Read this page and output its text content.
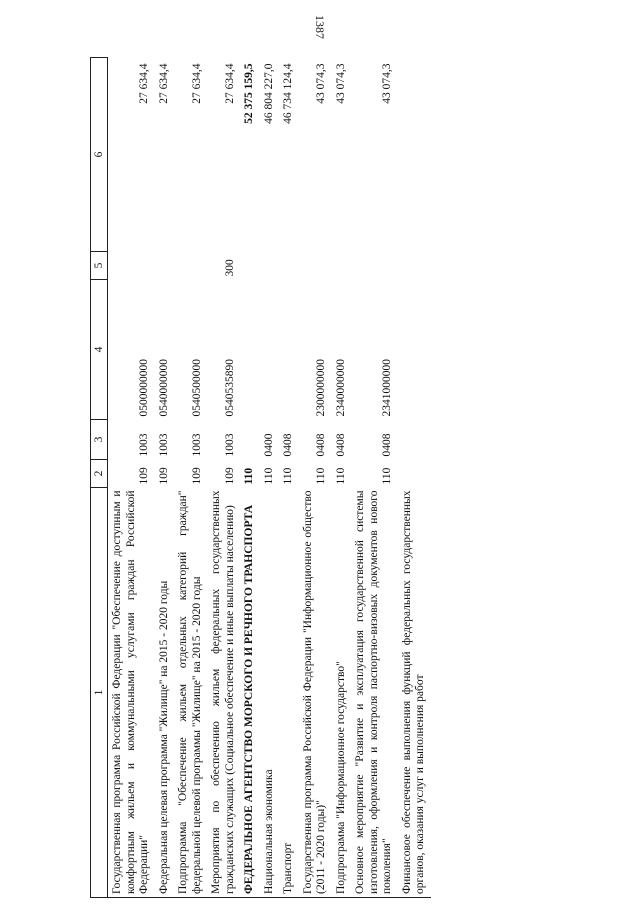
1387
1	2	3	4	5	6
Государственная программа Российской Федерации "Обеспечение доступным и комфортным жильем и коммунальными услугами граждан Российской Федерации"	109	1003	0500000000		27 634,4
Федеральная целевая программа "Жилище" на 2015 - 2020 годы	109	1003	0540000000		27 634,4
Подпрограмма "Обеспечение жильем отдельных категорий граждан" федеральной целевой программы "Жилище" на 2015 - 2020 годы	109	1003	0540500000		27 634,4
Мероприятия по обеспечению жильем федеральных государственных гражданских служащих (Социальное обеспечение и иные выплаты населению)	109	1003	0540535890	300	27 634,4
ФЕДЕРАЛЬНОЕ АГЕНТСТВО МОРСКОГО И РЕЧНОГО ТРАНСПОРТА	110				52 375 159,5
Национальная экономика	110	0400			46 804 227,0
Транспорт	110	0408			46 734 124,4
Государственная программа Российской Федерации "Информационное общество (2011 - 2020 годы)"	110	0408	2300000000		43 074,3
Подпрограмма "Информационное государство"	110	0408	2340000000		43 074,3
Основное мероприятие "Развитие и эксплуатация государственной системы изготовления, оформления и контроля паспортно-визовых документов нового поколения"	110	0408	2341000000		43 074,3
Финансовое обеспечение выполнения функций федеральных государственных органов, оказания услуг и выполнения работ					
